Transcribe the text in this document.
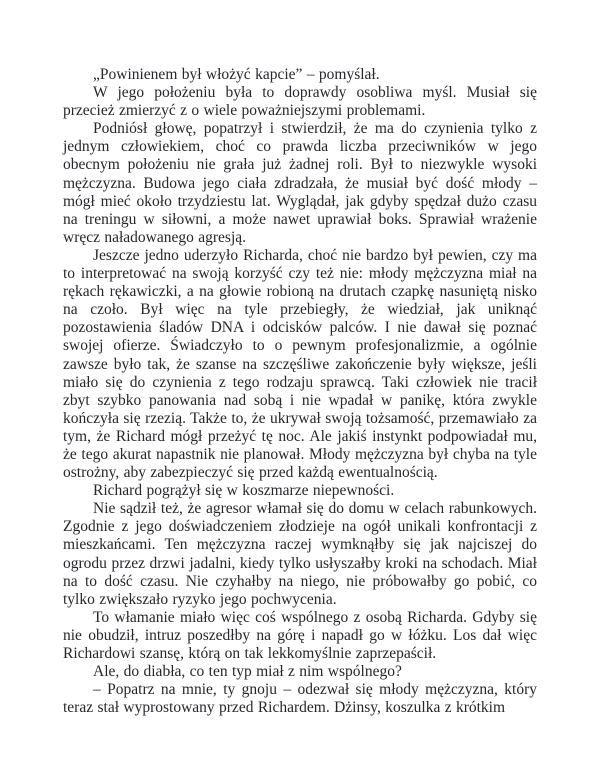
„Powinienem był włożyć kapcie” – pomyślał.

W jego położeniu była to doprawdy osobliwa myśl. Musiał się przecież zmierzyć z o wiele poważniejszymi problemami.

Podniósł głowę, popatrzył i stwierdził, że ma do czynienia tylko z jednym człowiekiem, choć co prawda liczba przeciwników w jego obecnym położeniu nie grała już żadnej roli. Był to niezwykle wysoki mężczyzna. Budowa jego ciała zdradzała, że musiał być dość młody – mógł mieć około trzydziestu lat. Wyglądał, jak gdyby spędzał dużo czasu na treningu w siłowni, a może nawet uprawiał boks. Sprawiał wrażenie wręcz naładowanego agresją.

Jeszcze jedno uderzyło Richarda, choć nie bardzo był pewien, czy ma to interpretować na swoją korzyść czy też nie: młody mężczyzna miał na rękach rękawiczki, a na głowie robioną na drutach czapkę nasuniętą nisko na czoło. Był więc na tyle przebiegły, że wiedział, jak uniknąć pozostawienia śladów DNA i odcisków palców. I nie dawał się poznać swojej ofierze. Świadczyło to o pewnym profesjonalizmie, a ogólnie zawsze było tak, że szanse na szczęśliwe zakończenie były większe, jeśli miało się do czynienia z tego rodzaju sprawcą. Taki człowiek nie tracił zbyt szybko panowania nad sobą i nie wpadał w panikę, która zwykle kończyła się rzezią. Także to, że ukrywał swoją tożsamość, przemawiało za tym, że Richard mógł przeżyć tę noc. Ale jakiś instynkt podpowiadał mu, że tego akurat napastnik nie planował. Młody mężczyzna był chyba na tyle ostrożny, aby zabezpieczyć się przed każdą ewentualnością.

Richard pogrążył się w koszmarze niepewności.

Nie sądził też, że agresor włamał się do domu w celach rabunkowych. Zgodnie z jego doświadczeniem złodzieje na ogół unikali konfrontacji z mieszkańcami. Ten mężczyzna raczej wymknąłby się jak najciszej do ogrodu przez drzwi jadalni, kiedy tylko usłyszałby kroki na schodach. Miał na to dość czasu. Nie czyhałby na niego, nie próbowałby go pobić, co tylko zwiększało ryzyko jego pochwycenia.

To włamanie miało więc coś wspólnego z osobą Richarda. Gdyby się nie obudził, intruz poszedłby na górę i napadł go w łóżku. Los dał więc Richardowi szansę, którą on tak lekkomyślnie zaprzepaścił.

Ale, do diabła, co ten typ miał z nim wspólnego?

– Popatrz na mnie, ty gnoju – odezwał się młody mężczyzna, który teraz stał wyprostowany przed Richardem. Dżinsy, koszulka z krótkim
